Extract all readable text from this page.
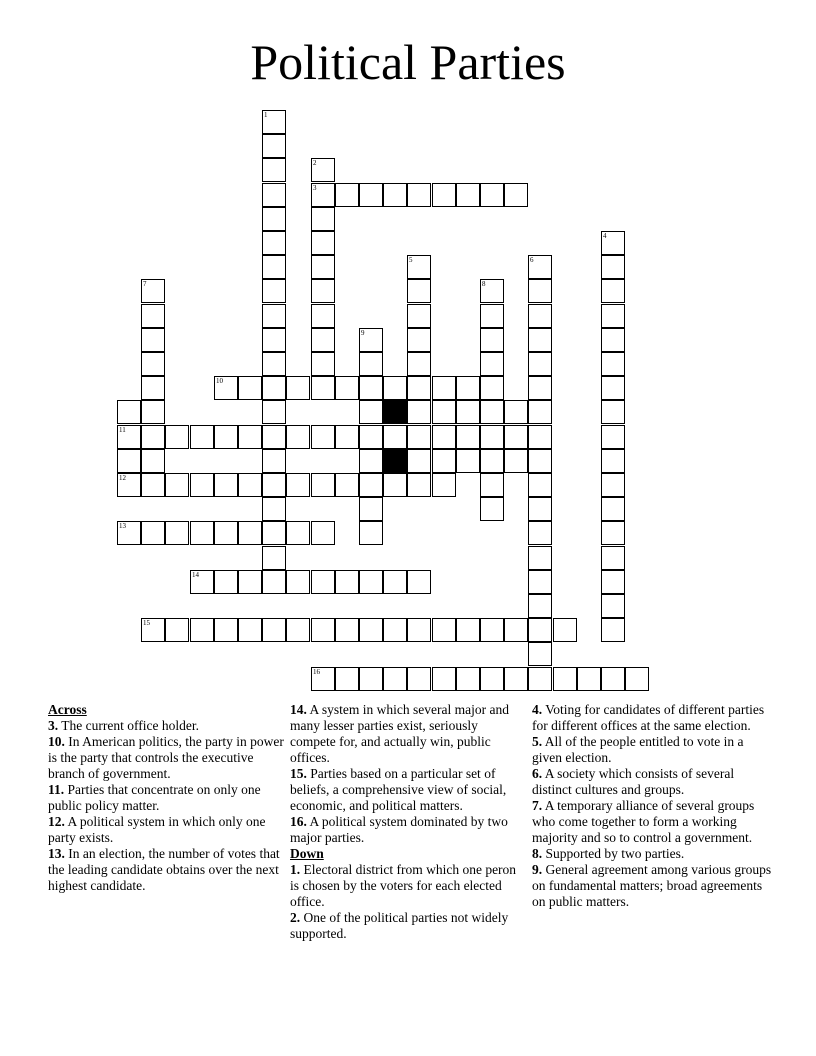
Political Parties
1
2
3
4
5	6
7	8
9
10
11
12
13
14
15
16

Across

3. The current office holder.

10. In American politics, the party in power is the party that controls the executive branch of government.

11. Parties that concentrate on only one public policy matter.

12. A political system in which only one party exists.

13. In an election, the number of votes that the leading candidate obtains over the next highest candidate.

14. A system in which several major and many lesser parties exist, seriously compete for, and actually win, public offices.

15. Parties based on a particular set of beliefs, a comprehensive view of social, economic, and political matters.

16. A political system dominated by two major parties.

Down

1. Electoral district from which one peron is chosen by the voters for each elected office.

2. One of the political parties not widely supported.

4. Voting for candidates of different parties for different offices at the same election.

5. All of the people entitled to vote in a given election.

6. A society which consists of several distinct cultures and groups.

7. A temporary alliance of several groups who come together to form a working majority and so to control a government.

8. Supported by two parties.

9. General agreement among various groups on fundamental matters; broad agreements on public matters.
